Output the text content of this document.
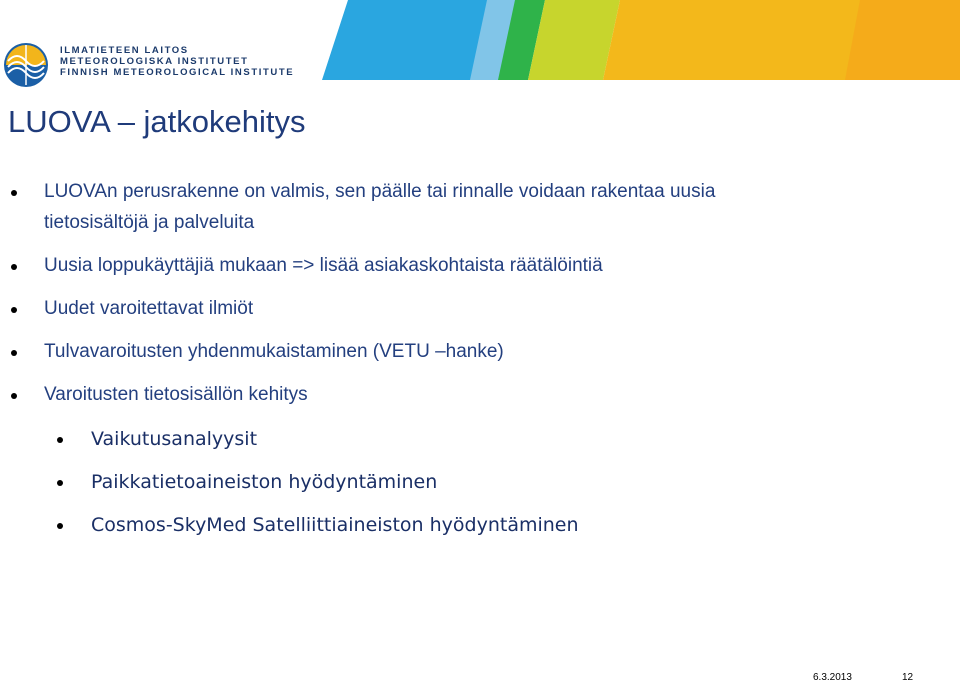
ILMATIETEEN LAITOS
METEOROLOGISKA INSTITUTET
FINNISH METEOROLOGICAL INSTITUTE
LUOVA – jatkokehitys
LUOVAn perusrakenne on valmis, sen päälle tai rinnalle voidaan rakentaa uusia
tietosisältöjä ja palveluita
Uusia loppukäyttäjiä mukaan => lisää asiakaskohtaista räätälöintiä
Uudet varoitettavat ilmiöt
Tulvavaroitusten yhdenmukaistaminen (VETU –hanke)
Varoitusten tietosisällön kehitys
Vaikutusanalyysit
Paikkatietoaineiston hyödyntäminen
Cosmos-SkyMed Satelliittiaineiston hyödyntäminen
6.3.2013	12
